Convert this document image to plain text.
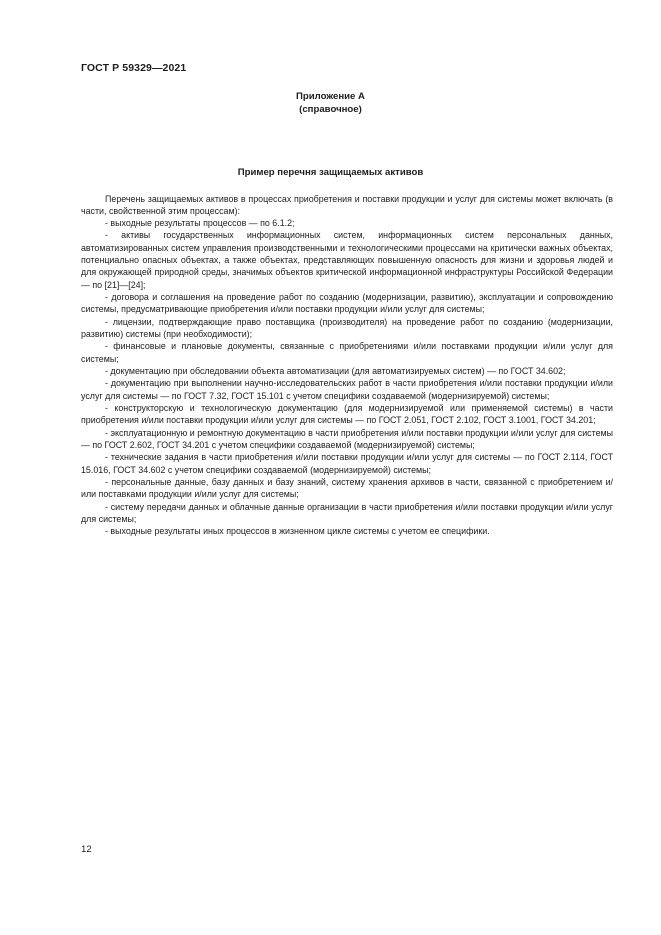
ГОСТ Р 59329—2021
Приложение А
(справочное)
Пример перечня защищаемых активов

Перечень защищаемых активов в процессах приобретения и поставки продукции и услуг для системы может включать (в части, свойственной этим процессам):

- выходные результаты процессов — по 6.1.2;

- активы государственных информационных систем, информационных систем персональных данных, автоматизированных систем управления производственными и технологическими процессами на критически важных объектах, потенциально опасных объектах, а также объектах, представляющих повышенную опасность для жизни и здоровья людей и для окружающей природной среды, значимых объектов критической информационной инфраструктуры Российской Федерации — по [21]—[24];

- договора и соглашения на проведение работ по созданию (модернизации, развитию), эксплуатации и сопровождению системы, предусматривающие приобретения и/или поставки продукции и/или услуг для системы;

- лицензии, подтверждающие право поставщика (производителя) на проведение работ по созданию (модернизации, развитию) системы (при необходимости);

- финансовые и плановые документы, связанные с приобретениями и/или поставками продукции и/или услуг для системы;

- документацию при обследовании объекта автоматизации (для автоматизируемых систем) — по ГОСТ 34.602;

- документацию при выполнении научно-исследовательских работ в части приобретения и/или поставки продукции и/или услуг для системы — по ГОСТ 7.32, ГОСТ 15.101 с учетом специфики создаваемой (модернизируемой) системы;

- конструкторскую и технологическую документацию (для модернизируемой или применяемой системы) в части приобретения и/или поставки продукции и/или услуг для системы — по ГОСТ 2.051, ГОСТ 2.102, ГОСТ 3.1001, ГОСТ 34.201;

- эксплуатационную и ремонтную документацию в части приобретения и/или поставки продукции и/или услуг для системы — по ГОСТ 2.602, ГОСТ 34.201 с учетом специфики создаваемой (модернизируемой) системы;

- технические задания в части приобретения и/или поставки продукции и/или услуг для системы — по ГОСТ 2.114, ГОСТ 15.016, ГОСТ 34.602 с учетом специфики создаваемой (модернизируемой) системы;

- персональные данные, базу данных и базу знаний, систему хранения архивов в части, связанной с приобретением и/или поставками продукции и/или услуг для системы;

- систему передачи данных и облачные данные организации в части приобретения и/или поставки продукции и/или услуг для системы;

- выходные результаты иных процессов в жизненном цикле системы с учетом ее специфики.

12
